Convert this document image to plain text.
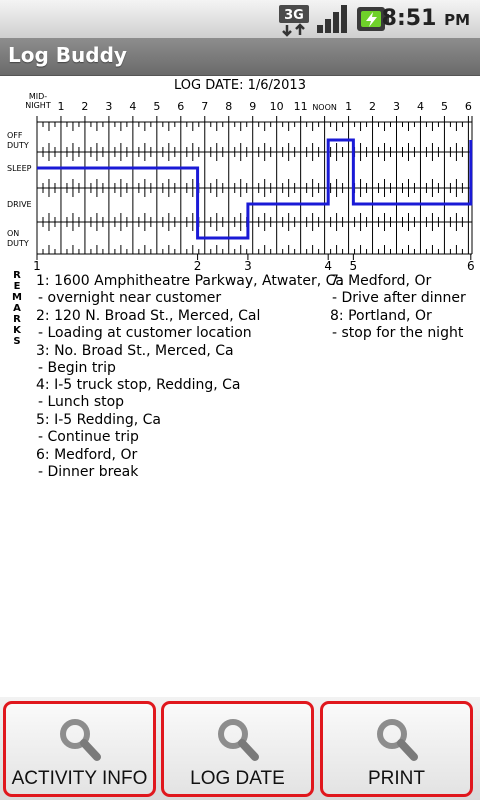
3G	8:51 PM
Log Buddy
LOG DATE: 1/6/2013
MID-NIGHT 1 2 3 4 5 6 7 8 9 10 11 NOON 1 2 3 4 5 6
OFF DUTY
SLEEP
DRIVE
ON DUTY
1	2	3	4 5	6
R
E
M
A
R
K
S
1: 1600 Amphitheatre Parkway, Atwater, Ca
- overnight near customer
2: 120 N. Broad St., Merced, Cal
- Loading at customer location
3: No. Broad St., Merced, Ca
- Begin trip
4: I-5 truck stop, Redding, Ca
- Lunch stop
5: I-5 Redding, Ca
- Continue trip
6: Medford, Or
- Dinner break
7: Medford, Or
- Drive after dinner
8: Portland, Or
- stop for the night
ACTIVITY INFO	LOG DATE	PRINT
